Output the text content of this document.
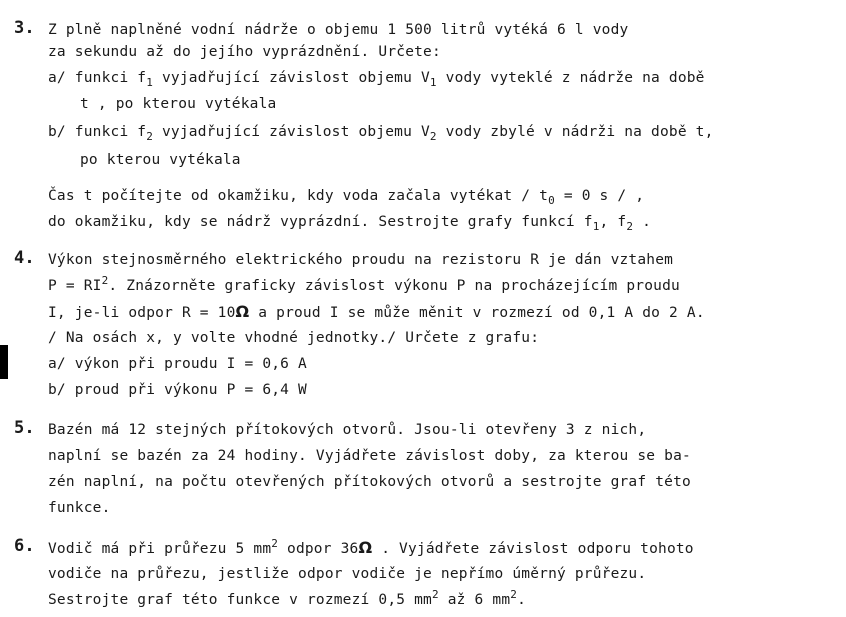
3. Z plně naplněné vodní nádrže o objemu 1 500 litrů vytéká 6 l vody
za sekundu až do jejího vyprázdnění. Určete:
a/ funkci $f_1$ vyjadřující závislost objemu $V_1$ vody vyteklé z nádrže na době
t , po kterou vytékala
b/ funkci $f_2$ vyjadřující závislost objemu $V_2$ vody zbylé v nádrži na době t,
po kterou vytékala
Čas t počítejte od okamžiku, kdy voda začala vytékat / $t_0 = 0$ s / ,
do okamžiku, kdy se nádrž vyprázdní. Sestrojte grafy funkcí $f_1$, $f_2$ .
4. Výkon stejnosměrného elektrického proudu na rezistoru R je dán vztahem
$P = RI^2$. Znázorněte graficky závislost výkonu P na procházejícím proudu
I, je-li odpor R = 10Ω a proud I se může měnit v rozmezí od 0,1 A do 2 A.
/ Na osách x, y volte vhodné jednotky./ Určete z grafu:
a/ výkon při proudu I = 0,6 A
b/ proud při výkonu P = 6,4 W
5. Bazén má 12 stejných přítokových otvorů. Jsou-li otevřeny 3 z nich,
naplní se bazén za 24 hodiny. Vyjádřete závislost doby, za kterou se ba-
zén naplní, na počtu otevřených přítokových otvorů a sestrojte graf této
funkce.
6. Vodič má při průřezu 5 $mm^2$ odpor 36Ω . Vyjádřete závislost odporu tohoto
vodiče na průřezu, jestliže odpor vodiče je nepřímo úměrný průřezu.
Sestrojte graf této funkce v rozmezí 0,5 $mm^2$ až 6 $mm^2$.
